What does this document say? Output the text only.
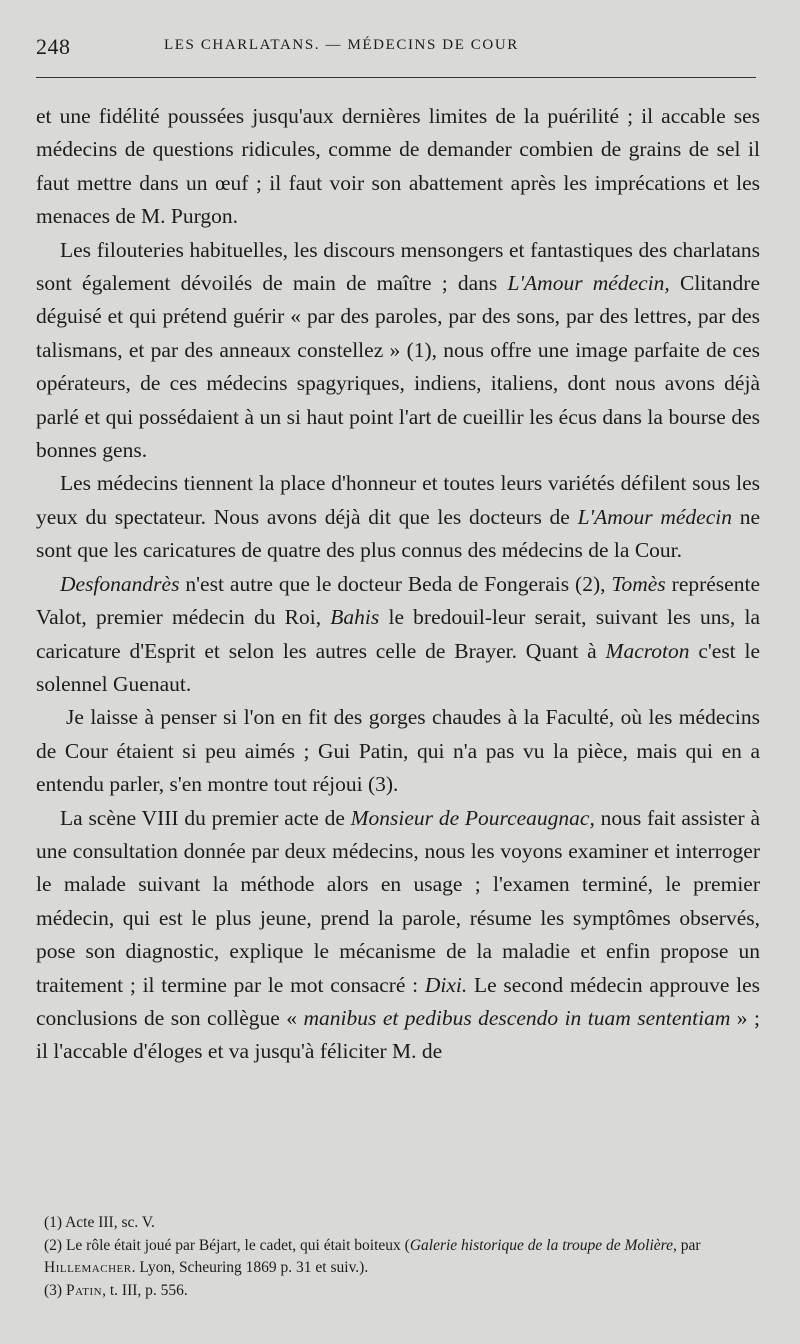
248	LES CHARLATANS. — MÉDECINS DE COUR

et une fidélité poussées jusqu'aux dernières limites de la puérilité ; il accable ses médecins de questions ridicules, comme de demander combien de grains de sel il faut mettre dans un œuf ; il faut voir son abattement après les imprécations et les menaces de M. Purgon.

Les filouteries habituelles, les discours mensongers et fantastiques des charlatans sont également dévoilés de main de maître ; dans L'Amour médecin, Clitandre déguisé et qui prétend guérir « par des paroles, par des sons, par des lettres, par des talismans, et par des anneaux constellez » (1), nous offre une image parfaite de ces opérateurs, de ces médecins spagyriques, indiens, italiens, dont nous avons déjà parlé et qui possédaient à un si haut point l'art de cueillir les écus dans la bourse des bonnes gens.

Les médecins tiennent la place d'honneur et toutes leurs variétés défilent sous les yeux du spectateur. Nous avons déjà dit que les docteurs de L'Amour médecin ne sont que les caricatures de quatre des plus connus des médecins de la Cour.

Desfonandrès n'est autre que le docteur Beda de Fongerais (2), Tomès représente Valot, premier médecin du Roi, Bahis le bredouil-leur serait, suivant les uns, la caricature d'Esprit et selon les autres celle de Brayer. Quant à Macroton c'est le solennel Guenaut.

Je laisse à penser si l'on en fit des gorges chaudes à la Faculté, où les médecins de Cour étaient si peu aimés ; Gui Patin, qui n'a pas vu la pièce, mais qui en a entendu parler, s'en montre tout réjoui (3).

La scène VIII du premier acte de Monsieur de Pourceaugnac, nous fait assister à une consultation donnée par deux médecins, nous les voyons examiner et interroger le malade suivant la méthode alors en usage ; l'examen terminé, le premier médecin, qui est le plus jeune, prend la parole, résume les symptômes observés, pose son diagnostic, explique le mécanisme de la maladie et enfin propose un traitement ; il termine par le mot consacré : Dixi. Le second médecin approuve les conclusions de son collègue « manibus et pedibus descendo in tuam sententiam » ; il l'accable d'éloges et va jusqu'à féliciter M. de

(1) Acte III, sc. V.

(2) Le rôle était joué par Béjart, le cadet, qui était boiteux (Galerie historique de la troupe de Molière, par Hillemacher. Lyon, Scheuring 1869 p. 31 et suiv.).

(3) Patin, t. III, p. 556.
